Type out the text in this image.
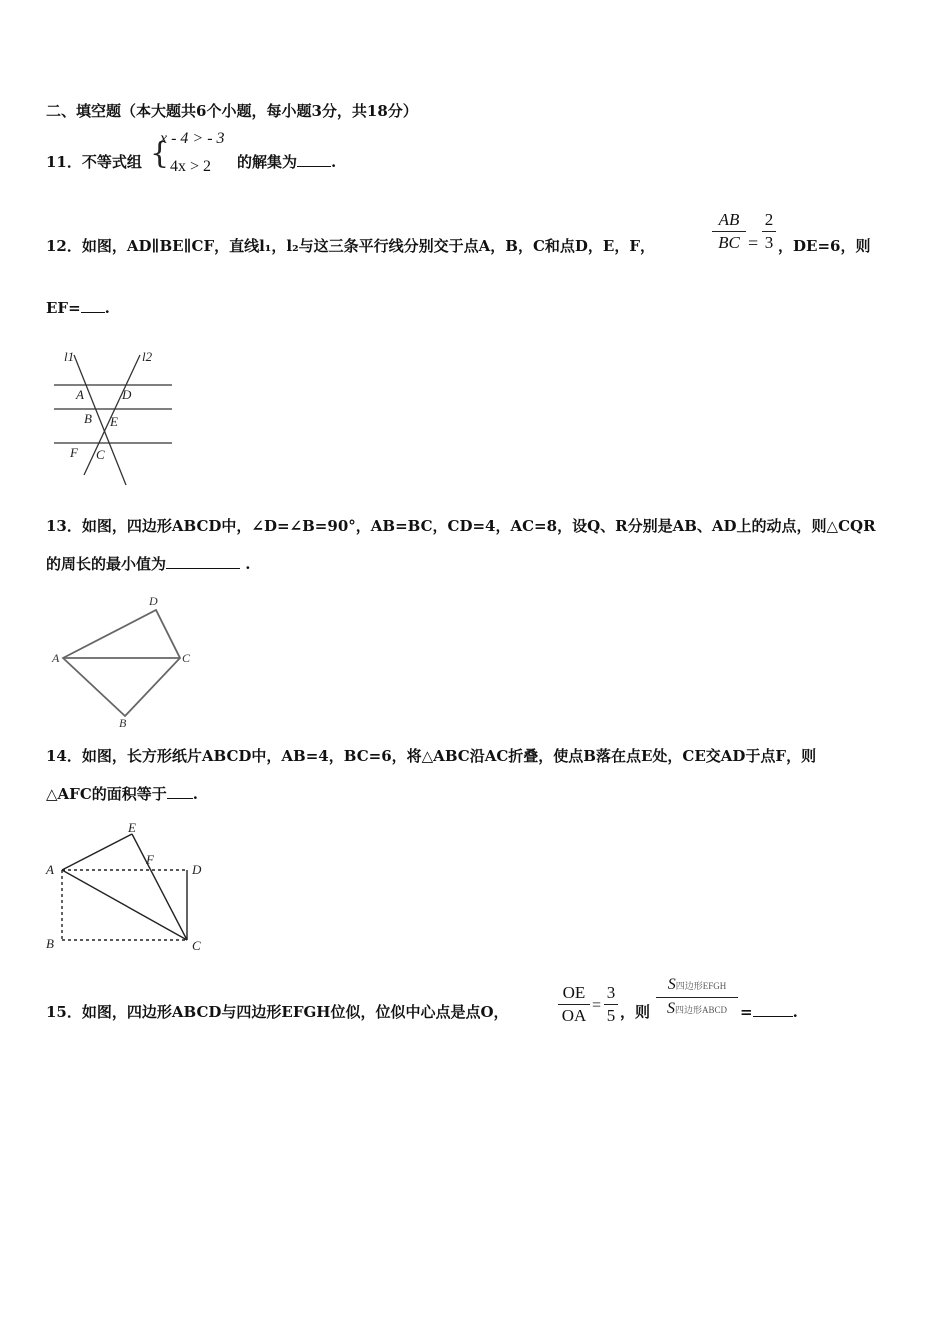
二、填空题（本大题共6个小题，每小题3分，共18分）
11．不等式组 {
x - 4 > - 3
4x > 2 的解集为 .
12．如图，AD∥BE∥CF，直线l₁，l₂与这三条平行线分别交于点A，B，C和点D，E，F，
AB
BC =
2
3 ，DE=6，则
EF= .
l1	l2
A	D
B E
F C
13．如图，四边形ABCD中，∠D=∠B=90°，AB=BC，CD=4，AC=8，设Q、R分别是AB、AD上的动点，则△CQR
的周长的最小值为	.
A
D
C
B
14．如图，长方形纸片ABCD中，AB=4，BC=6，将△ABC沿AC折叠，使点B落在点E处，CE交AD于点F，则
△AFC的面积等于 .
A
E
F
D
B	C
15．如图，四边形ABCD与四边形EFGH位似，位似中心点是点O，
OE
OA
=
3
5 ，则
S四边形EFGH
S四边形ABCD =	.
